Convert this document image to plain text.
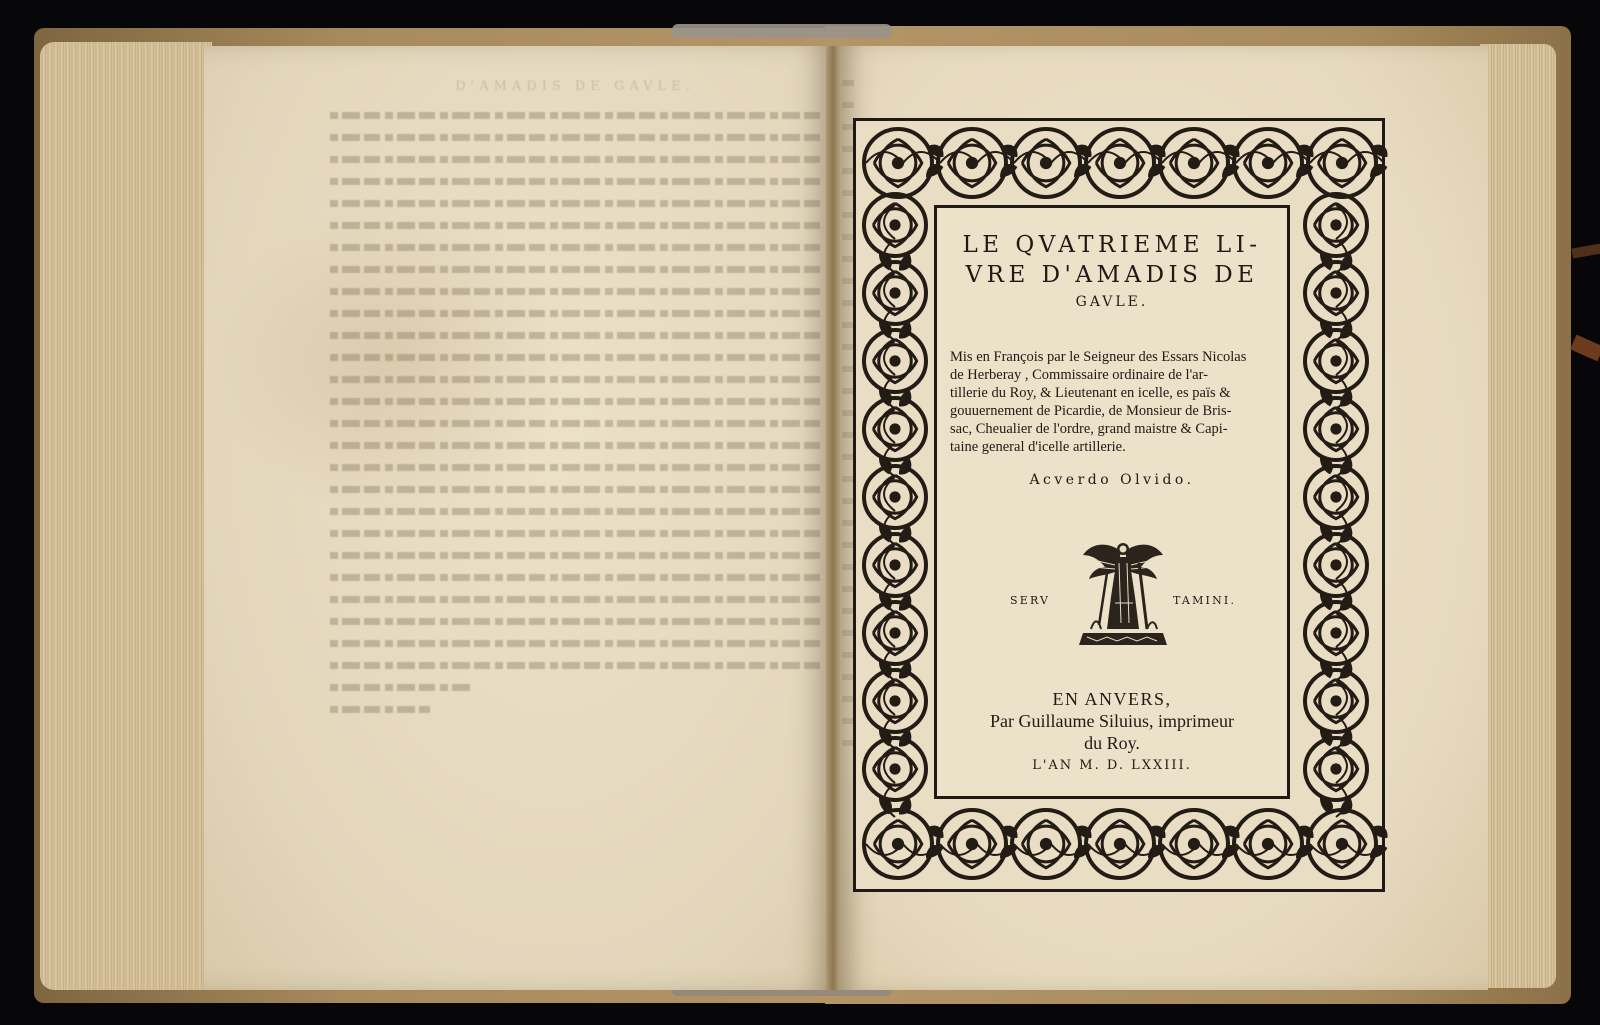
D'AMADIS DE GAVLE.
LE QVATRIEME LI-
VRE D'AMADIS DE
GAVLE.
Mis en François par le Seigneur des Essars Nicolas
de Herberay , Commissaire ordinaire de l'ar-
tillerie du Roy, & Lieutenant en icelle, es païs &
gouuernement de Picardie, de Monsieur de Bris-
sac, Cheualier de l'ordre, grand maistre & Capi-
taine general d'icelle artillerie.
Acverdo Olvido.
SERV	TAMINI.
EN ANVERS,
Par Guillaume Siluius, imprimeur
du Roy.
L'AN M. D. LXXIII.
